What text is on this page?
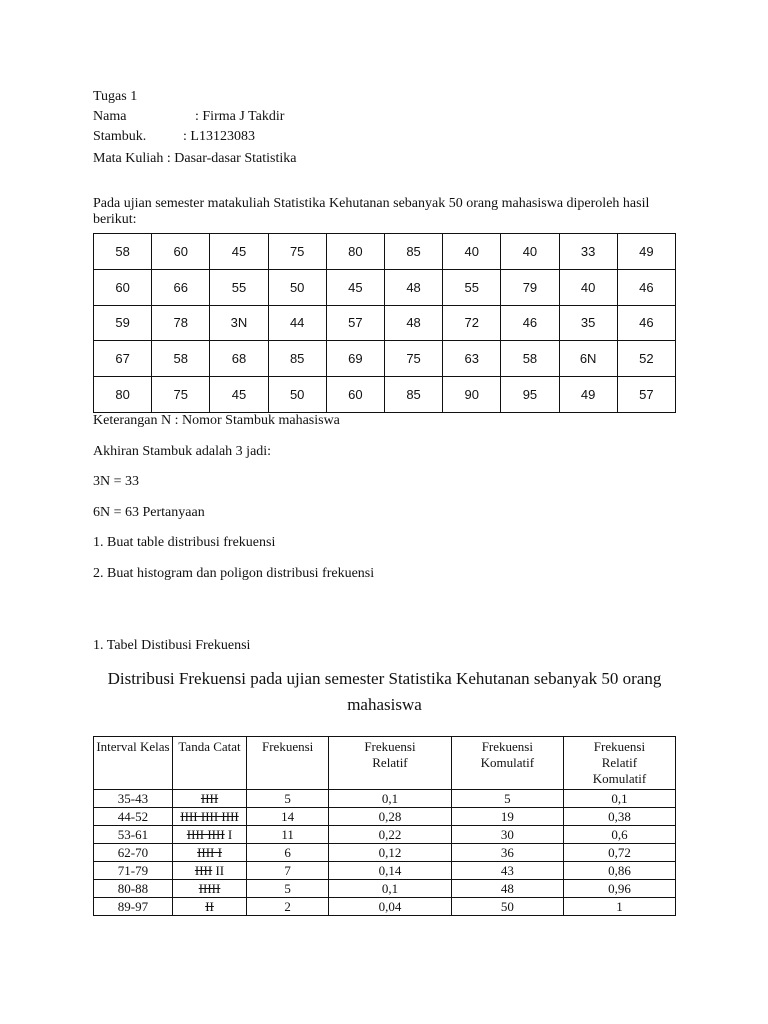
Tugas 1
Nama	: Firma J Takdir
Stambuk.	: L13123083
Mata Kuliah : Dasar-dasar Statistika
Pada ujian semester matakuliah Statistika Kehutanan sebanyak 50 orang mahasiswa diperoleh hasil berikut:
58	60	45	75	80	85	40	40	33	49
60	66	55	50	45	48	55	79	40	46
59	78	3N	44	57	48	72	46	35	46
67	58	68	85	69	75	63	58	6N	52
80	75	45	50	60	85	90	95	49	57
Keterangan N : Nomor Stambuk mahasiswa
Akhiran Stambuk adalah 3 jadi:
3N = 33
6N = 63 Pertanyaan
1. Buat table distribusi frekuensi
2. Buat histogram dan poligon distribusi frekuensi
1. Tabel Distibusi Frekuensi
Distribusi Frekuensi pada ujian semester Statistika Kehutanan sebanyak 50 orang mahasiswa
Interval Kelas	Tanda Catat	Frekuensi	Frekuensi Relatif	Frekuensi Komulatif	Frekuensi Relatif Komulatif
35-43	IIII	5	0,1	5	0,1
44-52	IIII IIII IIII	14	0,28	19	0,38
53-61	IIII IIII I	11	0,22	30	0,6
62-70	IIII I	6	0,12	36	0,72
71-79	IIII II	7	0,14	43	0,86
80-88	IIIII	5	0,1	48	0,96
89-97	II	2	0,04	50	1
